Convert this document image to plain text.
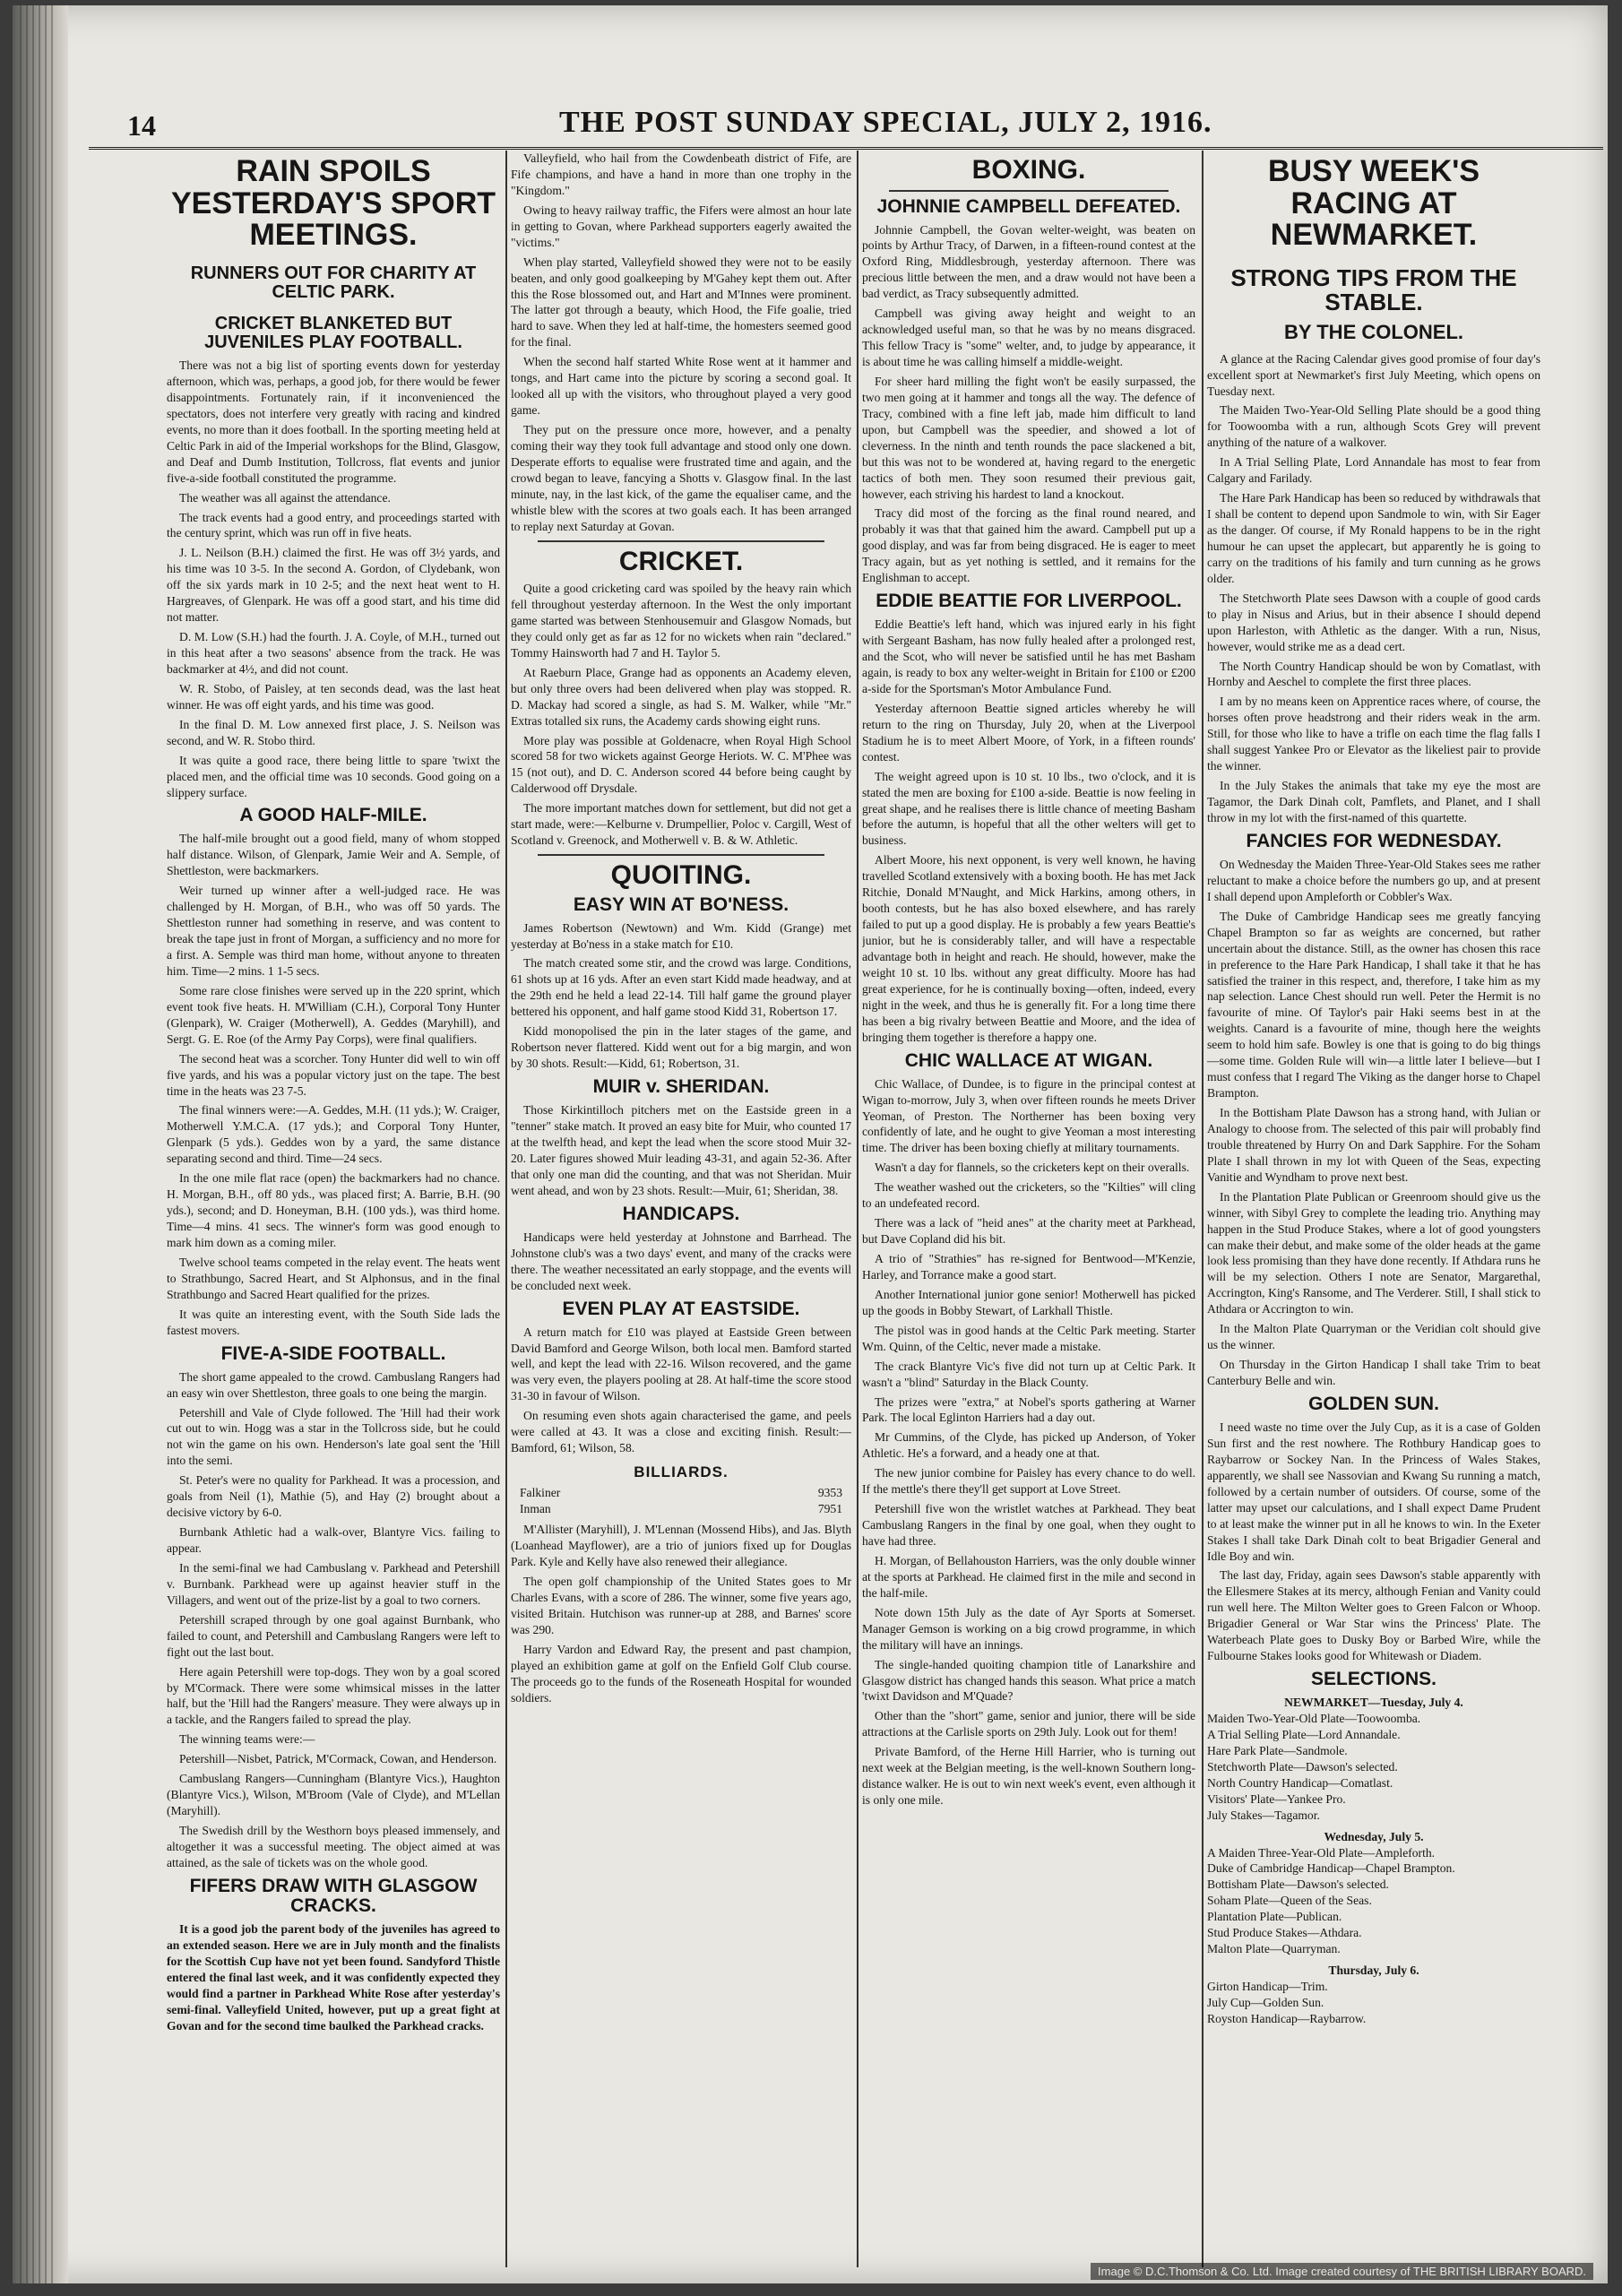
14	THE POST SUNDAY SPECIAL, JULY 2, 1916.
RAIN SPOILS YESTERDAY'S SPORT MEETINGS.
RUNNERS OUT FOR CHARITY AT CELTIC PARK.
CRICKET BLANKETED BUT JUVENILES PLAY FOOTBALL.

There was not a big list of sporting events down for yesterday afternoon, which was, perhaps, a good job, for there would be fewer disappointments. Fortunately rain, if it inconvenienced the spectators, does not interfere very greatly with racing and kindred events, no more than it does football. In the sporting meeting held at Celtic Park in aid of the Imperial workshops for the Blind, Glasgow, and Deaf and Dumb Institution, Tollcross, flat events and junior five-a-side football constituted the programme.

The weather was all against the attendance.

The track events had a good entry, and proceedings started with the century sprint, which was run off in five heats.

J. L. Neilson (B.H.) claimed the first. He was off 3½ yards, and his time was 10 3-5. In the second A. Gordon, of Clydebank, won off the six yards mark in 10 2-5; and the next heat went to H. Hargreaves, of Glenpark. He was off a good start, and his time did not matter.

D. M. Low (S.H.) had the fourth. J. A. Coyle, of M.H., turned out in this heat after a two seasons' absence from the track. He was backmarker at 4½, and did not count.

W. R. Stobo, of Paisley, at ten seconds dead, was the last heat winner. He was off eight yards, and his time was good.

In the final D. M. Low annexed first place, J. S. Neilson was second, and W. R. Stobo third.

It was quite a good race, there being little to spare 'twixt the placed men, and the official time was 10 seconds. Good going on a slippery surface.

A GOOD HALF-MILE.

The half-mile brought out a good field, many of whom stopped half distance. Wilson, of Glenpark, Jamie Weir and A. Semple, of Shettleston, were backmarkers.

Weir turned up winner after a well-judged race. He was challenged by H. Morgan, of B.H., who was off 50 yards. The Shettleston runner had something in reserve, and was content to break the tape just in front of Morgan, a sufficiency and no more for a first. A. Semple was third man home, without anyone to threaten him. Time—2 mins. 1 1-5 secs.

Some rare close finishes were served up in the 220 sprint, which event took five heats. H. M'William (C.H.), Corporal Tony Hunter (Glenpark), W. Craiger (Motherwell), A. Geddes (Maryhill), and Sergt. G. E. Roe (of the Army Pay Corps), were final qualifiers.

The second heat was a scorcher. Tony Hunter did well to win off five yards, and his was a popular victory just on the tape. The best time in the heats was 23 7-5.

The final winners were:—A. Geddes, M.H. (11 yds.); W. Craiger, Motherwell Y.M.C.A. (17 yds.); and Corporal Tony Hunter, Glenpark (5 yds.). Geddes won by a yard, the same distance separating second and third. Time—24 secs.

In the one mile flat race (open) the backmarkers had no chance. H. Morgan, B.H., off 80 yds., was placed first; A. Barrie, B.H. (90 yds.), second; and D. Honeyman, B.H. (100 yds.), was third home. Time—4 mins. 41 secs. The winner's form was good enough to mark him down as a coming miler.

Twelve school teams competed in the relay event. The heats went to Strathbungo, Sacred Heart, and St Alphonsus, and in the final Strathbungo and Sacred Heart qualified for the prizes.

It was quite an interesting event, with the South Side lads the fastest movers.

FIVE-A-SIDE FOOTBALL.

The short game appealed to the crowd. Cambuslang Rangers had an easy win over Shettleston, three goals to one being the margin.

Petershill and Vale of Clyde followed. The 'Hill had their work cut out to win. Hogg was a star in the Tollcross side, but he could not win the game on his own. Henderson's late goal sent the 'Hill into the semi.

St. Peter's were no quality for Parkhead. It was a procession, and goals from Neil (1), Mathie (5), and Hay (2) brought about a decisive victory by 6-0.

Burnbank Athletic had a walk-over, Blantyre Vics. failing to appear.

In the semi-final we had Cambuslang v. Parkhead and Petershill v. Burnbank. Parkhead were up against heavier stuff in the Villagers, and went out of the prize-list by a goal to two corners.

Petershill scraped through by one goal against Burnbank, who failed to count, and Petershill and Cambuslang Rangers were left to fight out the last bout.

Here again Petershill were top-dogs. They won by a goal scored by M'Cormack. There were some whimsical misses in the latter half, but the 'Hill had the Rangers' measure. They were always up in a tackle, and the Rangers failed to spread the play.

The winning teams were:—

Petershill—Nisbet, Patrick, M'Cormack, Cowan, and Henderson.

Cambuslang Rangers—Cunningham (Blantyre Vics.), Haughton (Blantyre Vics.), Wilson, M'Broom (Vale of Clyde), and M'Lellan (Maryhill).

The Swedish drill by the Westhorn boys pleased immensely, and altogether it was a successful meeting. The object aimed at was attained, as the sale of tickets was on the whole good.

FIFERS DRAW WITH GLASGOW CRACKS.

It is a good job the parent body of the juveniles has agreed to an extended season. Here we are in July month and the finalists for the Scottish Cup have not yet been found. Sandyford Thistle entered the final last week, and it was confidently expected they would find a partner in Parkhead White Rose after yesterday's semi-final. Valleyfield United, however, put up a great fight at Govan and for the second time baulked the Parkhead cracks.

Valleyfield, who hail from the Cowdenbeath district of Fife, are Fife champions, and have a hand in more than one trophy in the "Kingdom."

Owing to heavy railway traffic, the Fifers were almost an hour late in getting to Govan, where Parkhead supporters eagerly awaited the "victims."

When play started, Valleyfield showed they were not to be easily beaten, and only good goalkeeping by M'Gahey kept them out. After this the Rose blossomed out, and Hart and M'Innes were prominent. The latter got through a beauty, which Hood, the Fife goalie, tried hard to save. When they led at half-time, the homesters seemed good for the final.

When the second half started White Rose went at it hammer and tongs, and Hart came into the picture by scoring a second goal. It looked all up with the visitors, who throughout played a very good game.

They put on the pressure once more, however, and a penalty coming their way they took full advantage and stood only one down. Desperate efforts to equalise were frustrated time and again, and the crowd began to leave, fancying a Shotts v. Glasgow final. In the last minute, nay, in the last kick, of the game the equaliser came, and the whistle blew with the scores at two goals each. It has been arranged to replay next Saturday at Govan.

CRICKET.

Quite a good cricketing card was spoiled by the heavy rain which fell throughout yesterday afternoon. In the West the only important game started was between Stenhousemuir and Glasgow Nomads, but they could only get as far as 12 for no wickets when rain "declared." Tommy Hainsworth had 7 and H. Taylor 5.

At Raeburn Place, Grange had as opponents an Academy eleven, but only three overs had been delivered when play was stopped. R. D. Mackay had scored a single, as had S. M. Walker, while "Mr." Extras totalled six runs, the Academy cards showing eight runs.

More play was possible at Goldenacre, when Royal High School scored 58 for two wickets against George Heriots. W. C. M'Phee was 15 (not out), and D. C. Anderson scored 44 before being caught by Calderwood off Drysdale.

The more important matches down for settlement, but did not get a start made, were:—Kelburne v. Drumpellier, Poloc v. Cargill, West of Scotland v. Greenock, and Motherwell v. B. & W. Athletic.

QUOITING.
EASY WIN AT BO'NESS.

James Robertson (Newtown) and Wm. Kidd (Grange) met yesterday at Bo'ness in a stake match for £10.

The match created some stir, and the crowd was large. Conditions, 61 shots up at 16 yds. After an even start Kidd made headway, and at the 29th end he held a lead 22-14. Till half game the ground player bettered his opponent, and half game stood Kidd 31, Robertson 17.

Kidd monopolised the pin in the later stages of the game, and Robertson never flattered. Kidd went out for a big margin, and won by 30 shots. Result:—Kidd, 61; Robertson, 31.

MUIR v. SHERIDAN.

Those Kirkintilloch pitchers met on the Eastside green in a "tenner" stake match. It proved an easy bite for Muir, who counted 17 at the twelfth head, and kept the lead when the score stood Muir 32-20. Later figures showed Muir leading 43-31, and again 52-36. After that only one man did the counting, and that was not Sheridan. Muir went ahead, and won by 23 shots. Result:—Muir, 61; Sheridan, 38.

HANDICAPS.

Handicaps were held yesterday at Johnstone and Barrhead. The Johnstone club's was a two days' event, and many of the cracks were there. The weather necessitated an early stoppage, and the events will be concluded next week.

EVEN PLAY AT EASTSIDE.

A return match for £10 was played at Eastside Green between David Bamford and George Wilson, both local men. Bamford started well, and kept the lead with 22-16. Wilson recovered, and the game was very even, the players pooling at 28. At half-time the score stood 31-30 in favour of Wilson.

On resuming even shots again characterised the game, and peels were called at 43. It was a close and exciting finish. Result:—Bamford, 61; Wilson, 58.

BILLIARDS.
Falkiner	9353
Inman	7951

M'Allister (Maryhill), J. M'Lennan (Mossend Hibs), and Jas. Blyth (Loanhead Mayflower), are a trio of juniors fixed up for Douglas Park. Kyle and Kelly have also renewed their allegiance.

The open golf championship of the United States goes to Mr Charles Evans, with a score of 286. The winner, some five years ago, visited Britain. Hutchison was runner-up at 288, and Barnes' score was 290.

Harry Vardon and Edward Ray, the present and past champion, played an exhibition game at golf on the Enfield Golf Club course. The proceeds go to the funds of the Roseneath Hospital for wounded soldiers.

BOXING.
JOHNNIE CAMPBELL DEFEATED.

Johnnie Campbell, the Govan welter-weight, was beaten on points by Arthur Tracy, of Darwen, in a fifteen-round contest at the Oxford Ring, Middlesbrough, yesterday afternoon. There was precious little between the men, and a draw would not have been a bad verdict, as Tracy subsequently admitted.

Campbell was giving away height and weight to an acknowledged useful man, so that he was by no means disgraced. This fellow Tracy is "some" welter, and, to judge by appearance, it is about time he was calling himself a middle-weight.

For sheer hard milling the fight won't be easily surpassed, the two men going at it hammer and tongs all the way. The defence of Tracy, combined with a fine left jab, made him difficult to land upon, but Campbell was the speedier, and showed a lot of cleverness. In the ninth and tenth rounds the pace slackened a bit, but this was not to be wondered at, having regard to the energetic tactics of both men. They soon resumed their previous gait, however, each striving his hardest to land a knockout.

Tracy did most of the forcing as the final round neared, and probably it was that that gained him the award. Campbell put up a good display, and was far from being disgraced. He is eager to meet Tracy again, but as yet nothing is settled, and it remains for the Englishman to accept.

EDDIE BEATTIE FOR LIVERPOOL.

Eddie Beattie's left hand, which was injured early in his fight with Sergeant Basham, has now fully healed after a prolonged rest, and the Scot, who will never be satisfied until he has met Basham again, is ready to box any welter-weight in Britain for £100 or £200 a-side for the Sportsman's Motor Ambulance Fund.

Yesterday afternoon Beattie signed articles whereby he will return to the ring on Thursday, July 20, when at the Liverpool Stadium he is to meet Albert Moore, of York, in a fifteen rounds' contest.

The weight agreed upon is 10 st. 10 lbs., two o'clock, and it is stated the men are boxing for £100 a-side. Beattie is now feeling in great shape, and he realises there is little chance of meeting Basham before the autumn, is hopeful that all the other welters will get to business.

Albert Moore, his next opponent, is very well known, he having travelled Scotland extensively with a boxing booth. He has met Jack Ritchie, Donald M'Naught, and Mick Harkins, among others, in booth contests, but he has also boxed elsewhere, and has rarely failed to put up a good display. He is probably a few years Beattie's junior, but he is considerably taller, and will have a respectable advantage both in height and reach. He should, however, make the weight 10 st. 10 lbs. without any great difficulty. Moore has had great experience, for he is continually boxing—often, indeed, every night in the week, and thus he is generally fit. For a long time there has been a big rivalry between Beattie and Moore, and the idea of bringing them together is therefore a happy one.

CHIC WALLACE AT WIGAN.

Chic Wallace, of Dundee, is to figure in the principal contest at Wigan to-morrow, July 3, when over fifteen rounds he meets Driver Yeoman, of Preston. The Northerner has been boxing very confidently of late, and he ought to give Yeoman a most interesting time. The driver has been boxing chiefly at military tournaments.

Wasn't a day for flannels, so the cricketers kept on their overalls.

The weather washed out the cricketers, so the "Kilties" will cling to an undefeated record.

There was a lack of "heid anes" at the charity meet at Parkhead, but Dave Copland did his bit.

A trio of "Strathies" has re-signed for Bentwood—M'Kenzie, Harley, and Torrance make a good start.

Another International junior gone senior! Motherwell has picked up the goods in Bobby Stewart, of Larkhall Thistle.

The pistol was in good hands at the Celtic Park meeting. Starter Wm. Quinn, of the Celtic, never made a mistake.

The crack Blantyre Vic's five did not turn up at Celtic Park. It wasn't a "blind" Saturday in the Black County.

The prizes were "extra," at Nobel's sports gathering at Warner Park. The local Eglinton Harriers had a day out.

Mr Cummins, of the Clyde, has picked up Anderson, of Yoker Athletic. He's a forward, and a heady one at that.

The new junior combine for Paisley has every chance to do well. If the mettle's there they'll get support at Love Street.

Petershill five won the wristlet watches at Parkhead. They beat Cambuslang Rangers in the final by one goal, when they ought to have had three.

H. Morgan, of Bellahouston Harriers, was the only double winner at the sports at Parkhead. He claimed first in the mile and second in the half-mile.

Note down 15th July as the date of Ayr Sports at Somerset. Manager Gemson is working on a big crowd programme, in which the military will have an innings.

The single-handed quoiting champion title of Lanarkshire and Glasgow district has changed hands this season. What price a match 'twixt Davidson and M'Quade?

Other than the "short" game, senior and junior, there will be side attractions at the Carlisle sports on 29th July. Look out for them!

Private Bamford, of the Herne Hill Harrier, who is turning out next week at the Belgian meeting, is the well-known Southern long-distance walker. He is out to win next week's event, even although it is only one mile.

BUSY WEEK'S RACING AT NEWMARKET.
STRONG TIPS FROM THE STABLE.
BY THE COLONEL.

A glance at the Racing Calendar gives good promise of four day's excellent sport at Newmarket's first July Meeting, which opens on Tuesday next.

The Maiden Two-Year-Old Selling Plate should be a good thing for Toowoomba with a run, although Scots Grey will prevent anything of the nature of a walkover.

In A Trial Selling Plate, Lord Annandale has most to fear from Calgary and Farilady.

The Hare Park Handicap has been so reduced by withdrawals that I shall be content to depend upon Sandmole to win, with Sir Eager as the danger. Of course, if My Ronald happens to be in the right humour he can upset the applecart, but apparently he is going to carry on the traditions of his family and turn cunning as he grows older.

The Stetchworth Plate sees Dawson with a couple of good cards to play in Nisus and Arius, but in their absence I should depend upon Harleston, with Athletic as the danger. With a run, Nisus, however, would strike me as a dead cert.

The North Country Handicap should be won by Comatlast, with Hornby and Aeschel to complete the first three places.

I am by no means keen on Apprentice races where, of course, the horses often prove headstrong and their riders weak in the arm. Still, for those who like to have a trifle on each time the flag falls I shall suggest Yankee Pro or Elevator as the likeliest pair to provide the winner.

In the July Stakes the animals that take my eye the most are Tagamor, the Dark Dinah colt, Pamflets, and Planet, and I shall throw in my lot with the first-named of this quartette.

FANCIES FOR WEDNESDAY.

On Wednesday the Maiden Three-Year-Old Stakes sees me rather reluctant to make a choice before the numbers go up, and at present I shall depend upon Ampleforth or Cobbler's Wax.

The Duke of Cambridge Handicap sees me greatly fancying Chapel Brampton so far as weights are concerned, but rather uncertain about the distance. Still, as the owner has chosen this race in preference to the Hare Park Handicap, I shall take it that he has satisfied the trainer in this respect, and, therefore, I take him as my nap selection. Lance Chest should run well. Peter the Hermit is no favourite of mine. Of Taylor's pair Haki seems best in at the weights. Canard is a favourite of mine, though here the weights seem to hold him safe. Bowley is one that is going to do big things—some time. Golden Rule will win—a little later I believe—but I must confess that I regard The Viking as the danger horse to Chapel Brampton.

In the Bottisham Plate Dawson has a strong hand, with Julian or Analogy to choose from. The selected of this pair will probably find trouble threatened by Hurry On and Dark Sapphire. For the Soham Plate I shall thrown in my lot with Queen of the Seas, expecting Vanitie and Wyndham to prove next best.

In the Plantation Plate Publican or Greenroom should give us the winner, with Sibyl Grey to complete the leading trio. Anything may happen in the Stud Produce Stakes, where a lot of good youngsters can make their debut, and make some of the older heads at the game look less promising than they have done recently. If Athdara runs he will be my selection. Others I note are Senator, Margarethal, Accrington, King's Ransome, and The Verderer. Still, I shall stick to Athdara or Accrington to win.

In the Malton Plate Quarryman or the Veridian colt should give us the winner.

On Thursday in the Girton Handicap I shall take Trim to beat Canterbury Belle and win.

GOLDEN SUN.

I need waste no time over the July Cup, as it is a case of Golden Sun first and the rest nowhere. The Rothbury Handicap goes to Raybarrow or Sockey Nan. In the Princess of Wales Stakes, apparently, we shall see Nassovian and Kwang Su running a match, followed by a certain number of outsiders. Of course, some of the latter may upset our calculations, and I shall expect Dame Prudent to at least make the winner put in all he knows to win. In the Exeter Stakes I shall take Dark Dinah colt to beat Brigadier General and Idle Boy and win.

The last day, Friday, again sees Dawson's stable apparently with the Ellesmere Stakes at its mercy, although Fenian and Vanity could run well here. The Milton Welter goes to Green Falcon or Whoop. Brigadier General or War Star wins the Princess' Plate. The Waterbeach Plate goes to Dusky Boy or Barbed Wire, while the Fulbourne Stakes looks good for Whitewash or Diadem.

SELECTIONS.
NEWMARKET—Tuesday, July 4.
Maiden Two-Year-Old Plate—Toowoomba.
A Trial Selling Plate—Lord Annandale.
Hare Park Plate—Sandmole.
Stetchworth Plate—Dawson's selected.
North Country Handicap—Comatlast.
Visitors' Plate—Yankee Pro.
July Stakes—Tagamor.
Wednesday, July 5.
A Maiden Three-Year-Old Plate—Ampleforth.
Duke of Cambridge Handicap—Chapel Brampton.
Bottisham Plate—Dawson's selected.
Soham Plate—Queen of the Seas.
Plantation Plate—Publican.
Stud Produce Stakes—Athdara.
Malton Plate—Quarryman.
Thursday, July 6.
Girton Handicap—Trim.
July Cup—Golden Sun.
Royston Handicap—Raybarrow.
Image © D.C.Thomson & Co. Ltd. Image created courtesy of THE BRITISH LIBRARY BOARD.
